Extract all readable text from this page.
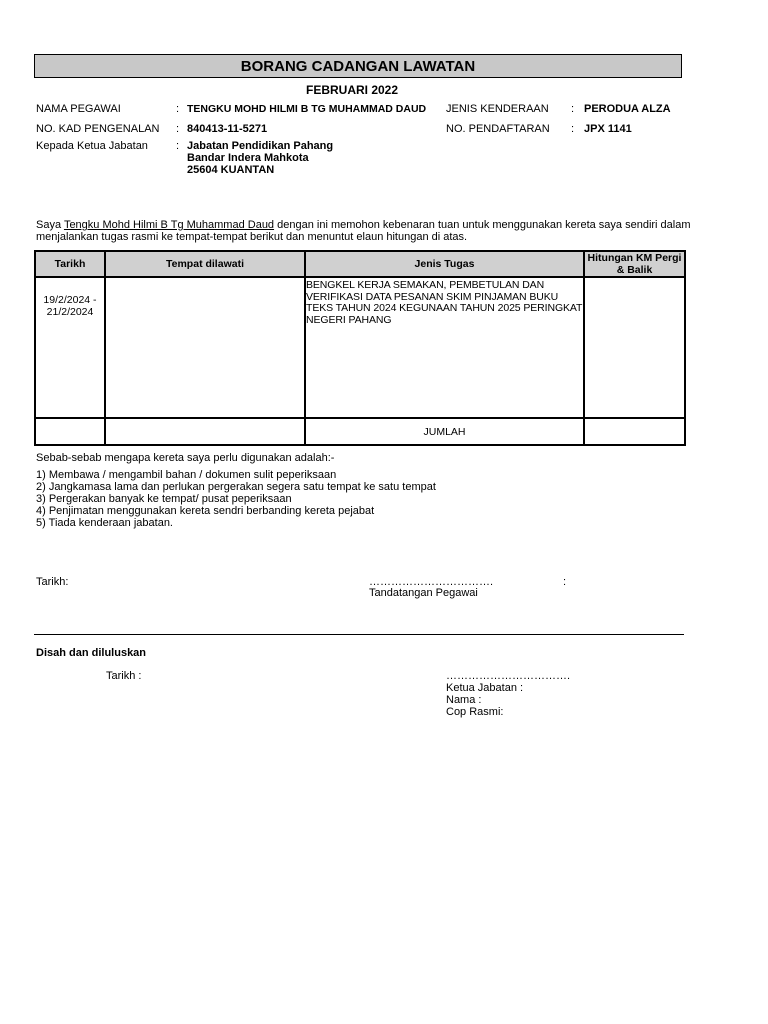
BORANG CADANGAN LAWATAN
FEBRUARI 2022
NAMA PEGAWAI	: TENGKU MOHD HILMI B TG MUHAMMAD DAUD JENIS KENDERAAN : PERODUA ALZA
NO. KAD PENGENALAN : 840413-11-5271	NO. PENDAFTARAN : JPX 1141
Kepada Ketua Jabatan	: Jabatan Pendidikan Pahang
Bandar Indera Mahkota
25604 KUANTAN
Saya Tengku Mohd Hilmi B Tg Muhammad Daud dengan ini memohon kebenaran tuan untuk menggunakan kereta saya sendiri dalam
menjalankan tugas rasmi ke tempat-tempat berikut dan menuntut elaun hitungan di atas.
Tarikh	Tempat dilawati	Jenis Tugas	Hitungan KM Pergi & Balik
19/2/2024 - 21/2/2024		BENGKEL KERJA SEMAKAN, PEMBETULAN DAN VERIFIKASI DATA PESANAN SKIM PINJAMAN BUKU TEKS TAHUN 2024 KEGUNAAN TAHUN 2025 PERINGKAT NEGERI PAHANG	
		JUMLAH	
Sebab-sebab mengapa kereta saya perlu digunakan adalah:-
1) Membawa / mengambil bahan / dokumen sulit peperiksaan
2) Jangkamasa lama dan perlukan pergerakan segera satu tempat ke satu tempat
3) Pergerakan banyak ke tempat/ pusat peperiksaan
4) Penjimatan menggunakan kereta sendri berbanding kereta pejabat
5) Tiada kenderaan jabatan.
Tarikh:	…………………………….	:
Tandatangan Pegawai
Disah dan diluluskan
Tarikh :	…………………………….
Ketua Jabatan :
Nama :
Cop Rasmi:
